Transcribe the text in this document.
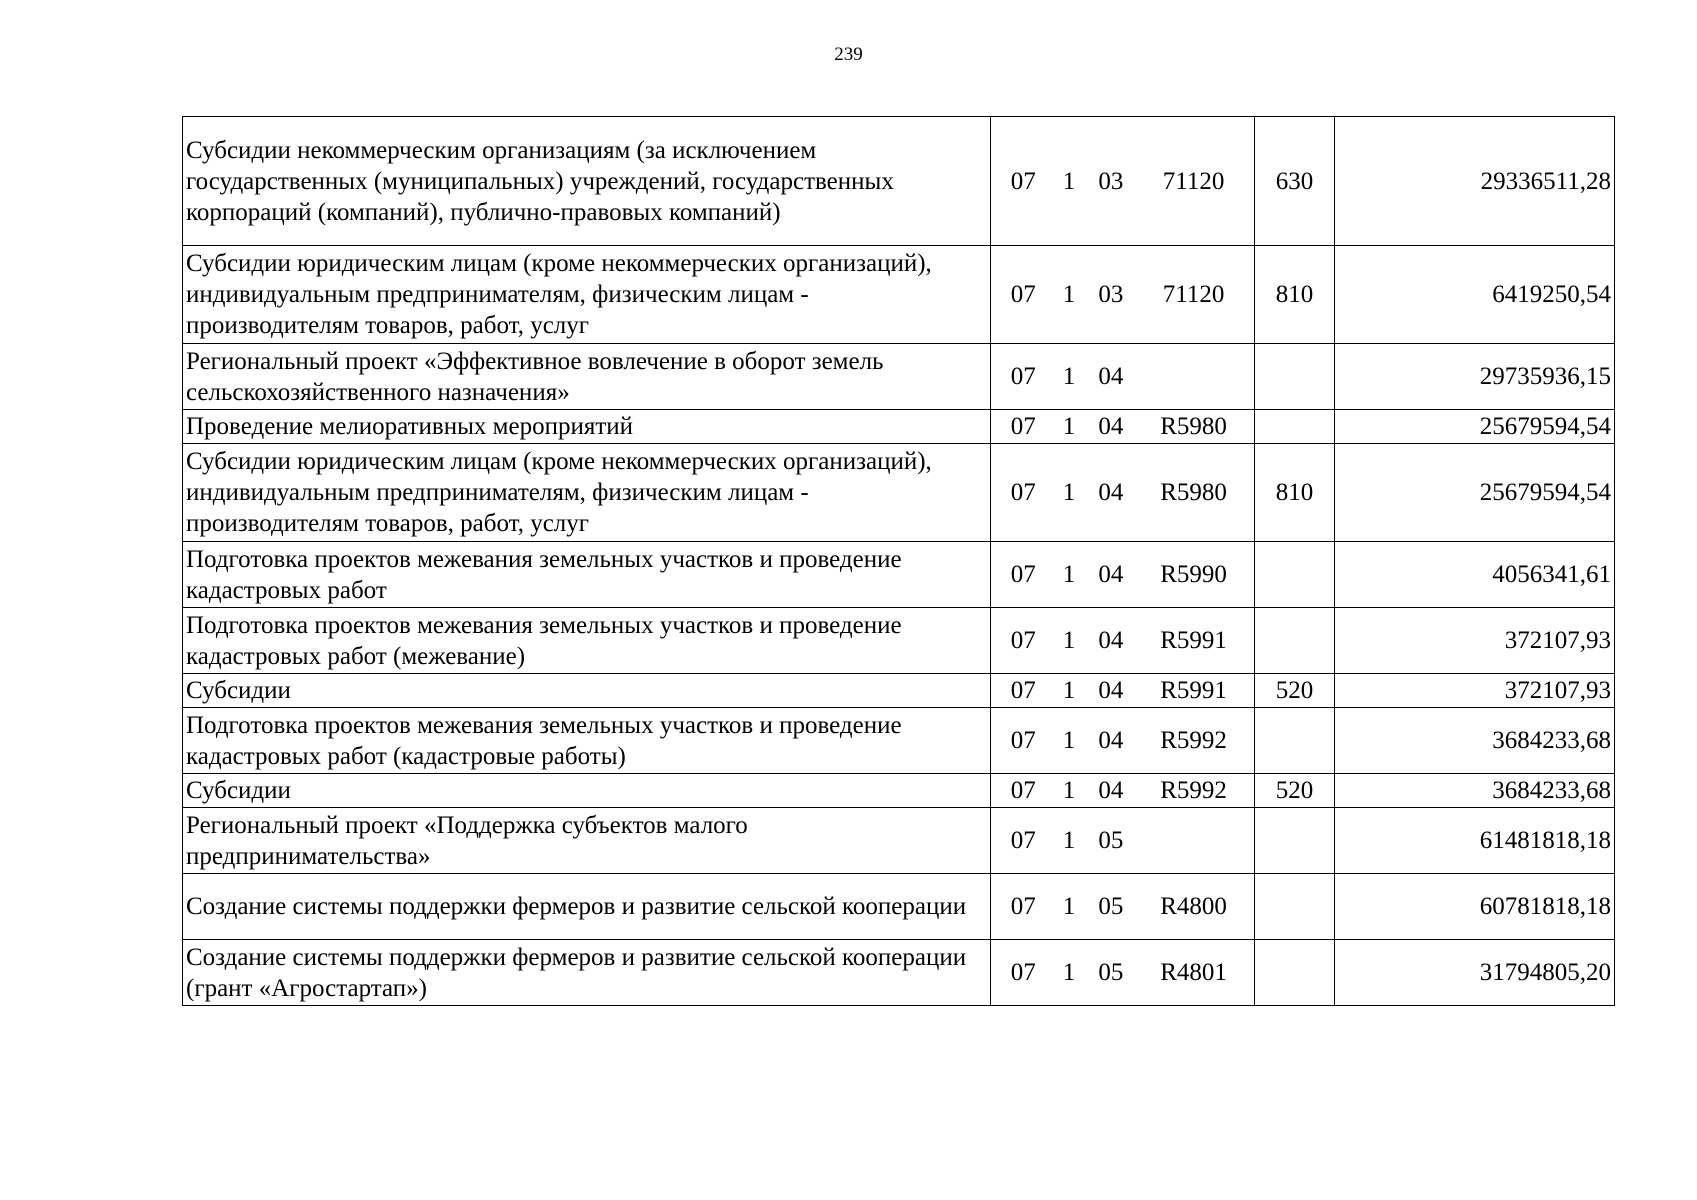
239
Субсидии некоммерческим организациям (за исключением государственных (муниципальных) учреждений, государственных корпораций (компаний), публично-правовых компаний)	07 1 03 71120	630	29336511,28
Субсидии юридическим лицам (кроме некоммерческих организаций), индивидуальным предпринимателям, физическим лицам - производителям товаров, работ, услуг	07 1 03 71120	810	6419250,54
Региональный проект «Эффективное вовлечение в оборот земель сельскохозяйственного назначения»	07 1 04		29735936,15
Проведение мелиоративных мероприятий	07 1 04 R5980		25679594,54
Субсидии юридическим лицам (кроме некоммерческих организаций), индивидуальным предпринимателям, физическим лицам - производителям товаров, работ, услуг	07 1 04 R5980	810	25679594,54
Подготовка проектов межевания земельных участков и проведение кадастровых работ	07 1 04 R5990		4056341,61
Подготовка проектов межевания земельных участков и проведение кадастровых работ (межевание)	07 1 04 R5991		372107,93
Субсидии	07 1 04 R5991	520	372107,93
Подготовка проектов межевания земельных участков и проведение кадастровых работ (кадастровые работы)	07 1 04 R5992		3684233,68
Субсидии	07 1 04 R5992	520	3684233,68
Региональный проект «Поддержка субъектов малого предпринимательства»	07 1 05		61481818,18
Создание системы поддержки фермеров и развитие сельской кооперации	07 1 05 R4800		60781818,18
Создание системы поддержки фермеров и развитие сельской кооперации (грант «Агростартап»)	07 1 05 R4801		31794805,20
